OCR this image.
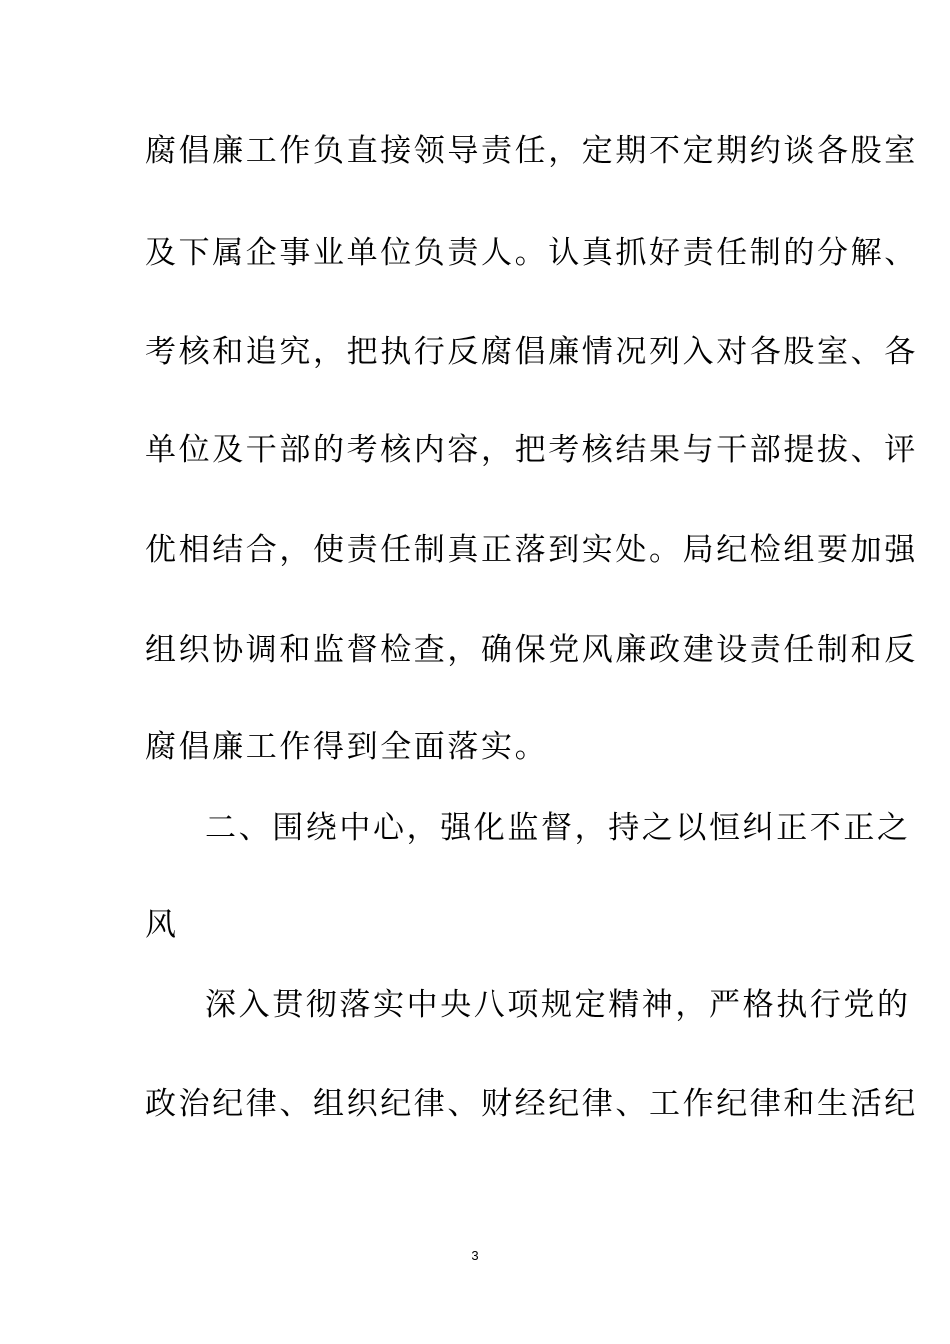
腐倡廉工作负直接领导责任，定期不定期约谈各股室
及下属企事业单位负责人。认真抓好责任制的分解、
考核和追究，把执行反腐倡廉情况列入对各股室、各
单位及干部的考核内容，把考核结果与干部提拔、评
优相结合，使责任制真正落到实处。局纪检组要加强
组织协调和监督检查，确保党风廉政建设责任制和反
腐倡廉工作得到全面落实。
二、围绕中心，强化监督，持之以恒纠正不正之
风
深入贯彻落实中央八项规定精神，严格执行党的
政治纪律、组织纪律、财经纪律、工作纪律和生活纪
3
